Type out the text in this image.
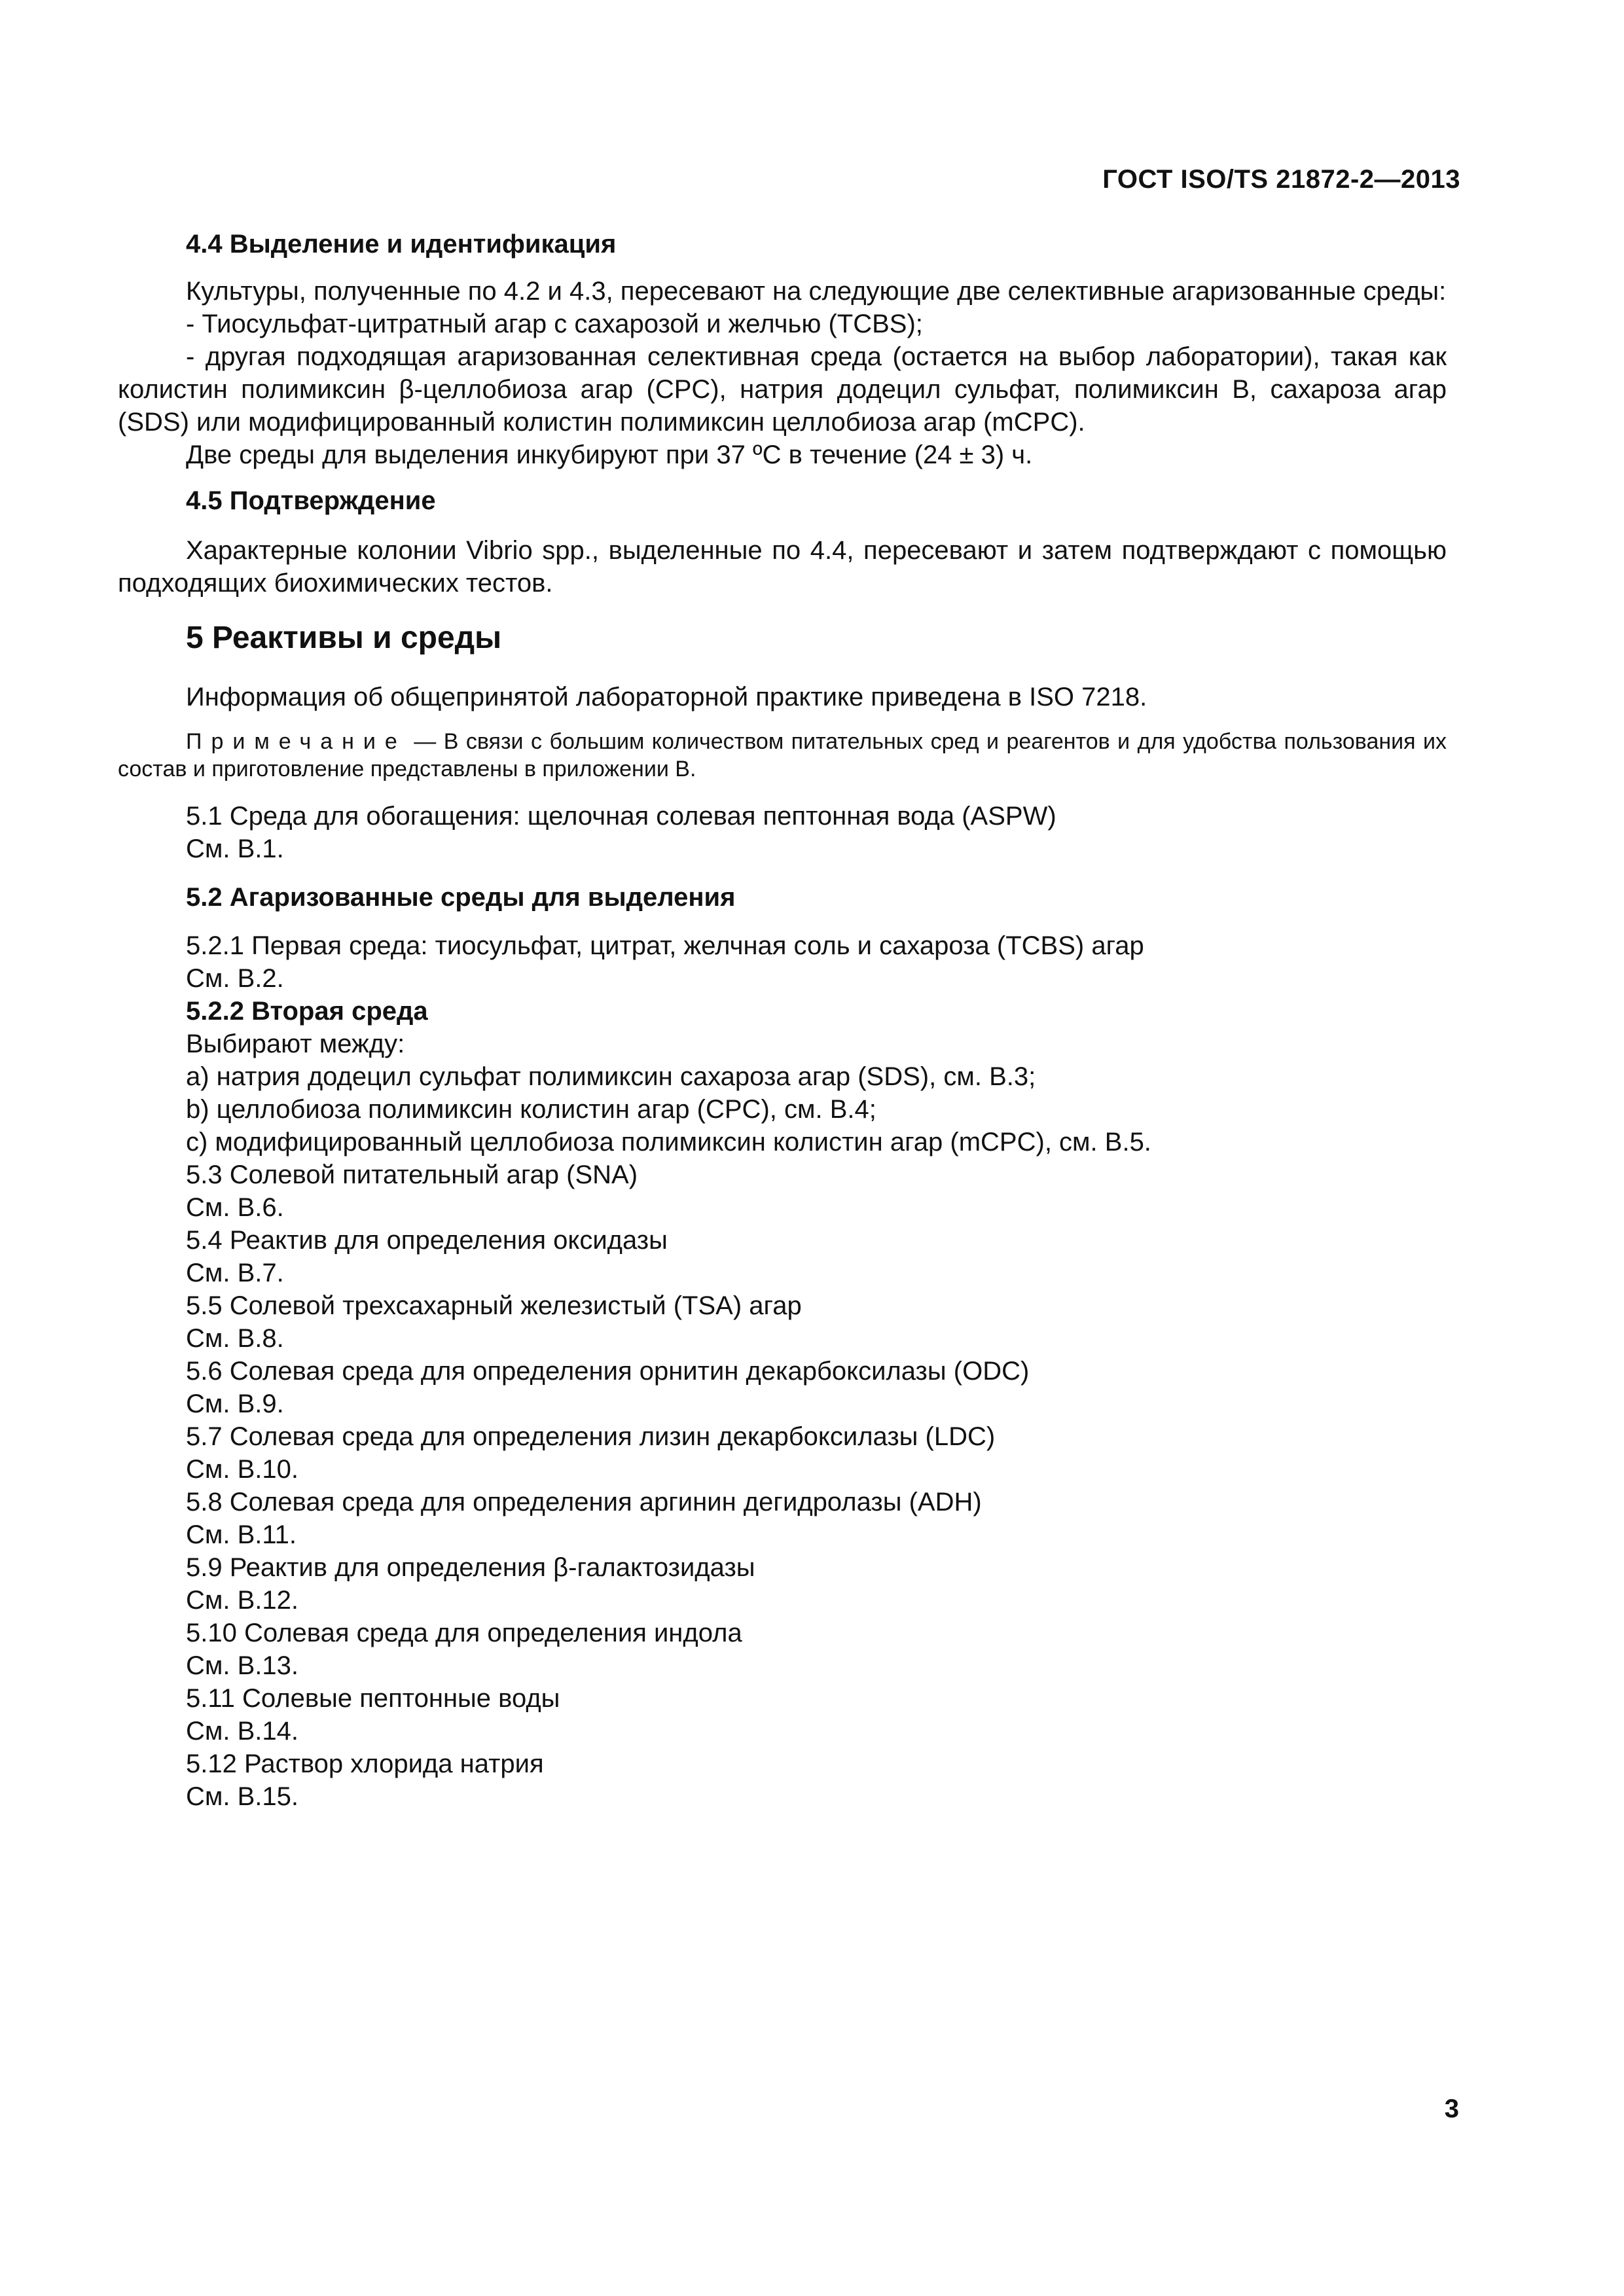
ГОСТ ISO/TS 21872-2—2013

4.4 Выделение и идентификация

Культуры, полученные по 4.2 и 4.3, пересевают на следующие две селективные агаризованные среды:

- Тиосульфат-цитратный агар с сахарозой и желчью (TCBS);

- другая подходящая агаризованная селективная среда (остается на выбор лаборатории), такая как колистин полимиксин β-целлобиоза агар (CPC), натрия додецил сульфат, полимиксин B, сахароза агар (SDS) или модифицированный колистин полимиксин целлобиоза агар (mCPC).

Две среды для выделения инкубируют при 37 ºC в течение (24 ± 3) ч.

4.5 Подтверждение

Характерные колонии Vibrio spp., выделенные по 4.4, пересевают и затем подтверждают с помощью подходящих биохимических тестов.

5 Реактивы и среды

Информация об общепринятой лабораторной практике приведена в ISO 7218.

Примечание — В связи с большим количеством питательных сред и реагентов и для удобства пользования их состав и приготовление представлены в приложении B.

5.1 Среда для обогащения: щелочная солевая пептонная вода (ASPW)

См. B.1.

5.2 Агаризованные среды для выделения

5.2.1 Первая среда: тиосульфат, цитрат, желчная соль и сахароза (TCBS) агар

См. B.2.

5.2.2 Вторая среда

Выбирают между:

a) натрия додецил сульфат полимиксин сахароза агар (SDS), см. B.3;

b) целлобиоза полимиксин колистин агар (CPC), см. B.4;

c) модифицированный целлобиоза полимиксин колистин агар (mCPC), см. B.5.

5.3 Солевой питательный агар (SNA)

См. B.6.

5.4 Реактив для определения оксидазы

См. B.7.

5.5 Солевой трехсахарный железистый (TSA) агар

См. B.8.

5.6 Солевая среда для определения орнитин декарбоксилазы (ODC)

См. B.9.

5.7 Солевая среда для определения лизин декарбоксилазы (LDC)

См. B.10.

5.8 Солевая среда для определения аргинин дегидролазы (ADH)

См. B.11.

5.9 Реактив для определения β-галактозидазы

См. B.12.

5.10 Солевая среда для определения индола

См. B.13.

5.11 Солевые пептонные воды

См. B.14.

5.12 Раствор хлорида натрия

См. B.15.

3
